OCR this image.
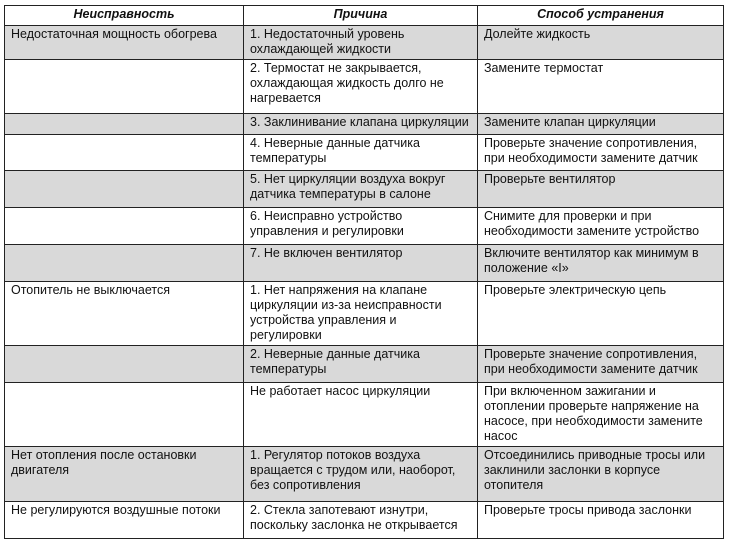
Неисправность	Причина	Способ устранения
Недостаточная мощность обогрева	1. Недостаточный уровень охлаждающей жидкости	Долейте жидкость
	2. Термостат не закрывается, охлаждающая жидкость долго не нагревается	Замените термостат
	3. Заклинивание клапана циркуляции	Замените клапан циркуляции
	4. Неверные данные датчика температуры	Проверьте значение сопротивления, при необходимости замените датчик
	5. Нет циркуляции воздуха вокруг датчика температуры в салоне	Проверьте вентилятор
	6. Неисправно устройство управления и регулировки	Снимите для проверки и при необходимости замените устройство
	7. Не включен вентилятор	Включите вентилятор как минимум в положение «I»
Отопитель не выключается	1. Нет напряжения на клапане циркуляции из-за неисправности устройства управления и регулировки	Проверьте электрическую цепь
	2. Неверные данные датчика температуры	Проверьте значение сопротивления, при необходимости замените датчик
	Не работает насос циркуляции	При включенном зажигании и отоплении проверьте напряжение на насосе, при необходимости замените насос
Нет отопления после остановки двигателя	1. Регулятор потоков воздуха вращается с трудом или, наоборот, без сопротивления	Отсоединились приводные тросы или заклинили заслонки в корпусе отопителя
Не регулируются воздушные потоки	2. Стекла запотевают изнутри, поскольку заслонка не открывается	Проверьте тросы привода заслонки
